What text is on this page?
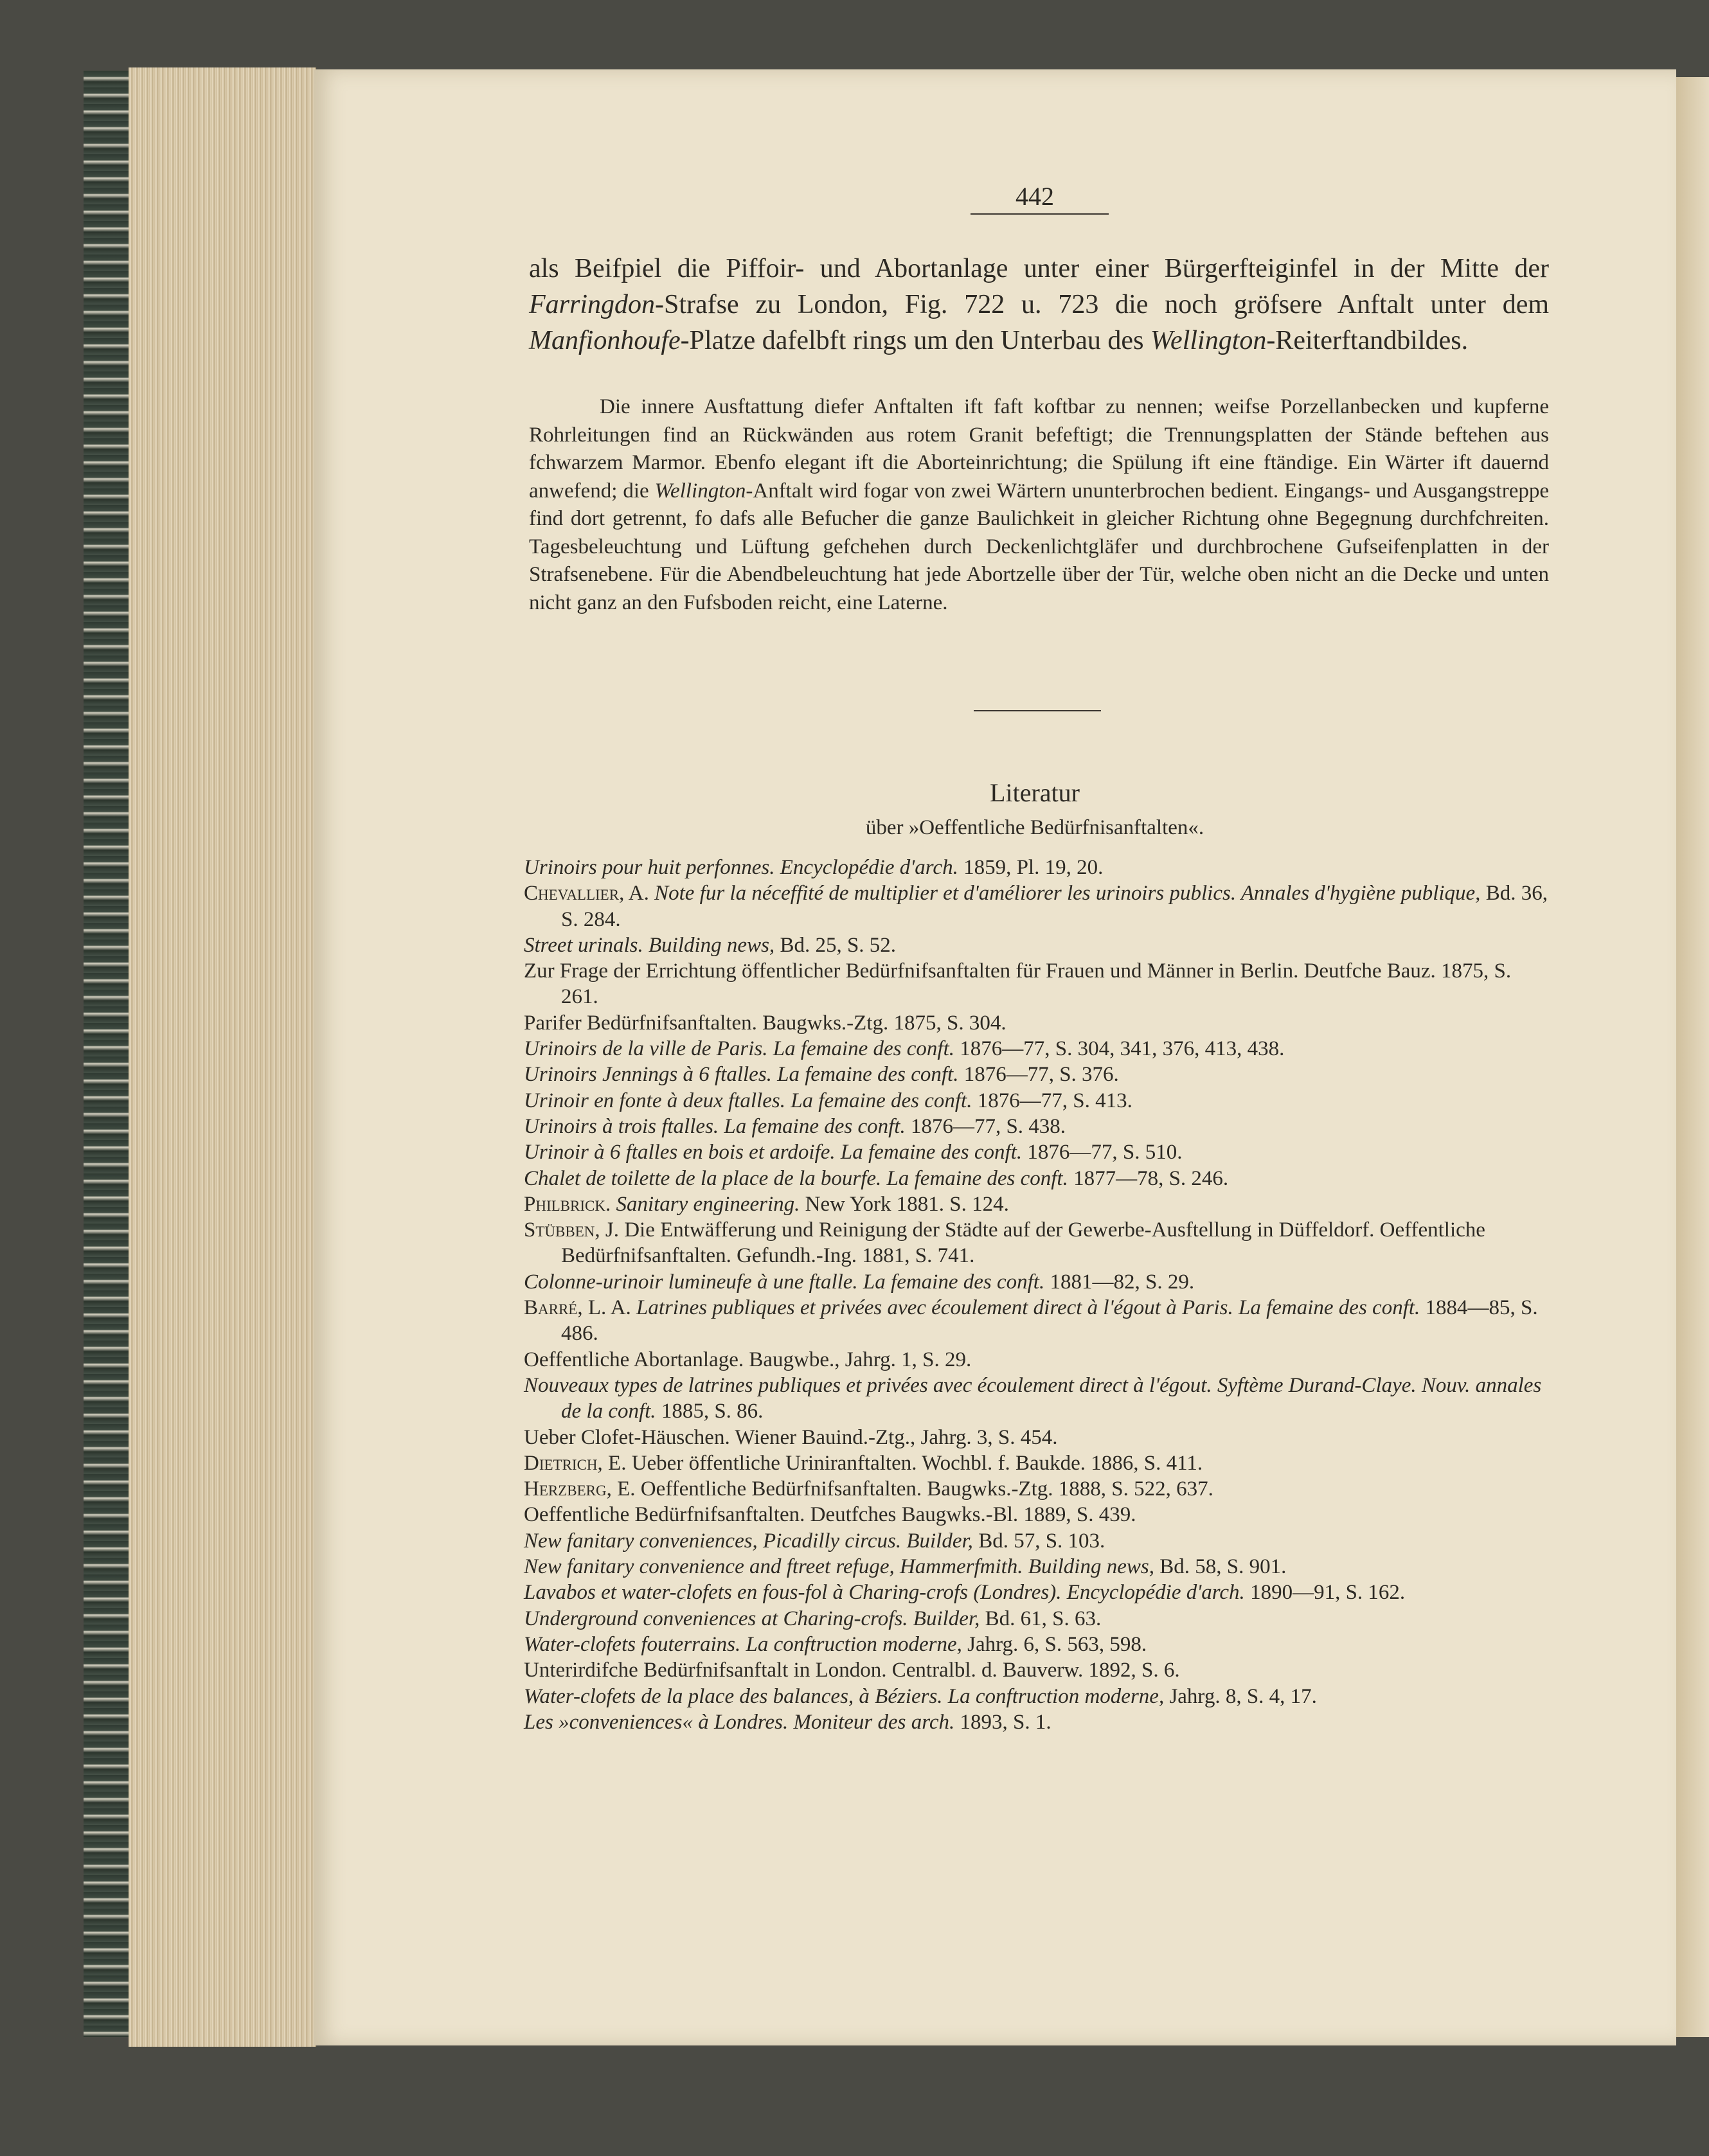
442

als Beifpiel die Piffoir- und Abortanlage unter einer Bürgerfteiginfel in der Mitte der Farringdon-Strafse zu London, Fig. 722 u. 723 die noch gröfsere Anftalt unter dem Manfionhoufe-Platze dafelbft rings um den Unterbau des Wellington-Reiterftandbildes.

Die innere Ausftattung diefer Anftalten ift faft koftbar zu nennen; weifse Porzellanbecken und kupferne Rohrleitungen find an Rückwänden aus rotem Granit befeftigt; die Trennungsplatten der Stände beftehen aus fchwarzem Marmor. Ebenfo elegant ift die Aborteinrichtung; die Spülung ift eine ftändige. Ein Wärter ift dauernd anwefend; die Wellington-Anftalt wird fogar von zwei Wärtern ununterbrochen bedient. Eingangs- und Ausgangstreppe find dort getrennt, fo dafs alle Befucher die ganze Baulichkeit in gleicher Richtung ohne Begegnung durchfchreiten. Tagesbeleuchtung und Lüftung gefchehen durch Deckenlichtgläfer und durchbrochene Gufseifenplatten in der Strafsenebene. Für die Abendbeleuchtung hat jede Abortzelle über der Tür, welche oben nicht an die Decke und unten nicht ganz an den Fufsboden reicht, eine Laterne.

Literatur
über »Oeffentliche Bedürfnisanftalten«.
Urinoirs pour huit perfonnes. Encyclopédie d'arch. 1859, Pl. 19, 20.
Chevallier, A. Note fur la néceffité de multiplier et d'améliorer les urinoirs publics. Annales d'hygiène publique, Bd. 36, S. 284.
Street urinals. Building news, Bd. 25, S. 52.
Zur Frage der Errichtung öffentlicher Bedürfnifsanftalten für Frauen und Männer in Berlin. Deutfche Bauz. 1875, S. 261.
Parifer Bedürfnifsanftalten. Baugwks.-Ztg. 1875, S. 304.
Urinoirs de la ville de Paris. La femaine des conft. 1876—77, S. 304, 341, 376, 413, 438.
Urinoirs Jennings à 6 ftalles. La femaine des conft. 1876—77, S. 376.
Urinoir en fonte à deux ftalles. La femaine des conft. 1876—77, S. 413.
Urinoirs à trois ftalles. La femaine des conft. 1876—77, S. 438.
Urinoir à 6 ftalles en bois et ardoife. La femaine des conft. 1876—77, S. 510.
Chalet de toilette de la place de la bourfe. La femaine des conft. 1877—78, S. 246.
Philbrick. Sanitary engineering. New York 1881. S. 124.
Stübben, J. Die Entwäfferung und Reinigung der Städte auf der Gewerbe-Ausftellung in Düffeldorf. Oeffentliche Bedürfnifsanftalten. Gefundh.-Ing. 1881, S. 741.
Colonne-urinoir lumineufe à une ftalle. La femaine des conft. 1881—82, S. 29.
Barré, L. A. Latrines publiques et privées avec écoulement direct à l'égout à Paris. La femaine des conft. 1884—85, S. 486.
Oeffentliche Abortanlage. Baugwbe., Jahrg. 1, S. 29.
Nouveaux types de latrines publiques et privées avec écoulement direct à l'égout. Syftème Durand-Claye. Nouv. annales de la conft. 1885, S. 86.
Ueber Clofet-Häuschen. Wiener Bauind.-Ztg., Jahrg. 3, S. 454.
Dietrich, E. Ueber öffentliche Uriniranftalten. Wochbl. f. Baukde. 1886, S. 411.
Herzberg, E. Oeffentliche Bedürfnifsanftalten. Baugwks.-Ztg. 1888, S. 522, 637.
Oeffentliche Bedürfnifsanftalten. Deutfches Baugwks.-Bl. 1889, S. 439.
New fanitary conveniences, Picadilly circus. Builder, Bd. 57, S. 103.
New fanitary convenience and ftreet refuge, Hammerfmith. Building news, Bd. 58, S. 901.
Lavabos et water-clofets en fous-fol à Charing-crofs (Londres). Encyclopédie d'arch. 1890—91, S. 162.
Underground conveniences at Charing-crofs. Builder, Bd. 61, S. 63.
Water-clofets fouterrains. La conftruction moderne, Jahrg. 6, S. 563, 598.
Unterirdifche Bedürfnifsanftalt in London. Centralbl. d. Bauverw. 1892, S. 6.
Water-clofets de la place des balances, à Béziers. La conftruction moderne, Jahrg. 8, S. 4, 17.
Les »conveniences« à Londres. Moniteur des arch. 1893, S. 1.
